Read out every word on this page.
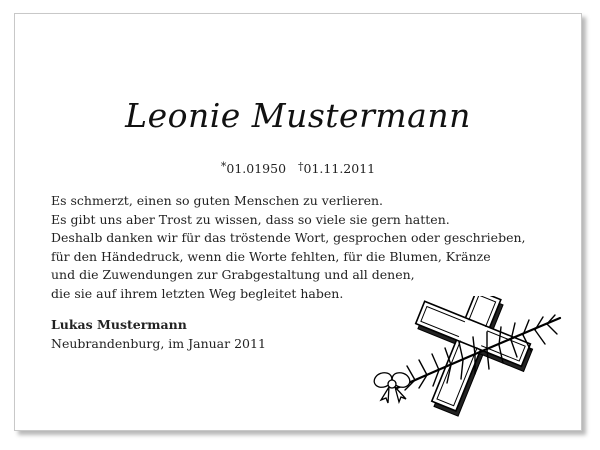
Leonie Mustermann
*01.01950 †01.11.2011
Es schmerzt, einen so guten Menschen zu verlieren.
Es gibt uns aber Trost zu wissen, dass so viele sie gern hatten.
Deshalb danken wir für das tröstende Wort, gesprochen oder geschrieben,
für den Händedruck, wenn die Worte fehlten, für die Blumen, Kränze
und die Zuwendungen zur Grabgestaltung und all denen,
die sie auf ihrem letzten Weg begleitet haben.
Lukas Mustermann
Neubrandenburg, im Januar 2011
